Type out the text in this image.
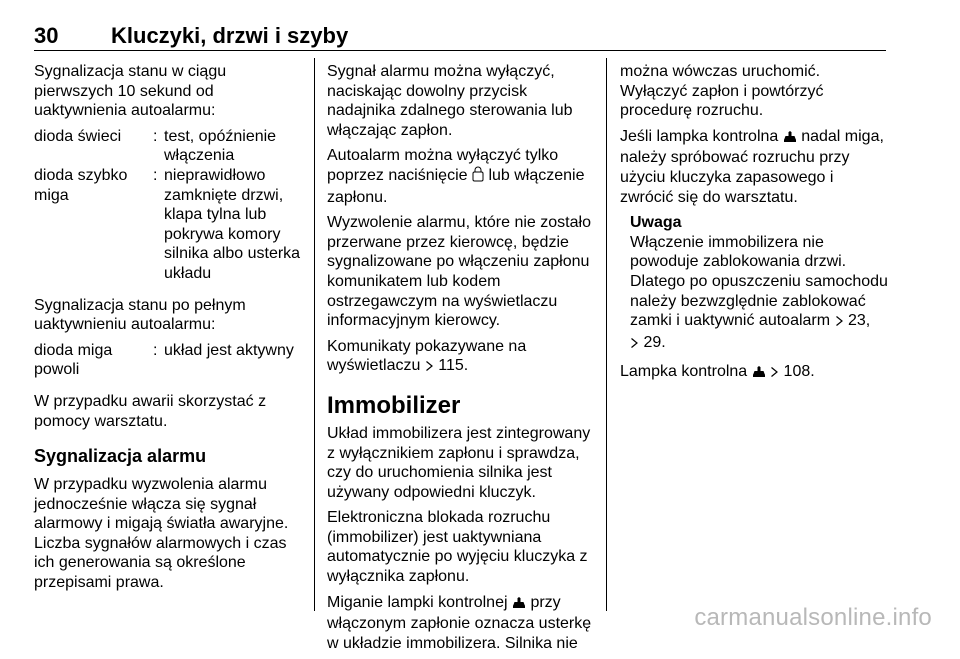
30 Kluczyki, drzwi i szyby

Sygnalizacja stanu w ciągu pierwszych 10 sekund od uaktywnienia autoalarmu:

dioda świeci	: test, opóźnienie włączenia
dioda szybko miga
: nieprawidłowo zamknięte drzwi, klapa tylna lub pokrywa komory silnika albo usterka układu

Sygnalizacja stanu po pełnym uaktywnieniu autoalarmu:

dioda miga powoli
: układ jest aktywny

W przypadku awarii skorzystać z pomocy warsztatu.

Sygnalizacja alarmu

W przypadku wyzwolenia alarmu jednocześnie włącza się sygnał alarmowy i migają światła awaryjne. Liczba sygnałów alarmowych i czas ich generowania są określone przepisami prawa.

Sygnał alarmu można wyłączyć, naciskając dowolny przycisk nadajnika zdalnego sterowania lub włączając zapłon.

Autoalarm można wyłączyć tylko poprzez naciśnięcie lub włączenie zapłonu.

Wyzwolenie alarmu, które nie zostało przerwane przez kierowcę, będzie sygnalizowane po włączeniu zapłonu komunikatem lub kodem ostrzegawczym na wyświetlaczu informacyjnym kierowcy.

Komunikaty pokazywane na wyświetlaczu 115.

Immobilizer

Układ immobilizera jest zintegrowany z wyłącznikiem zapłonu i sprawdza, czy do uruchomienia silnika jest używany odpowiedni kluczyk.

Elektroniczna blokada rozruchu (immobilizer) jest uaktywniana automatycznie po wyjęciu kluczyka z wyłącznika zapłonu.

Miganie lampki kontrolnej przy włączonym zapłonie oznacza usterkę w układzie immobilizera. Silnika nie

można wówczas uruchomić. Wyłączyć zapłon i powtórzyć procedurę rozruchu.

Jeśli lampka kontrolna nadal miga, należy spróbować rozruchu przy użyciu kluczyka zapasowego i zwrócić się do warsztatu.

Uwaga
Włączenie immobilizera nie powoduje zablokowania drzwi. Dlatego po opuszczeniu samochodu należy bezwzględnie zablokować zamki i uaktywnić autoalarm 23,
29.

Lampka kontrolna 108.

carmanualsonline.info
